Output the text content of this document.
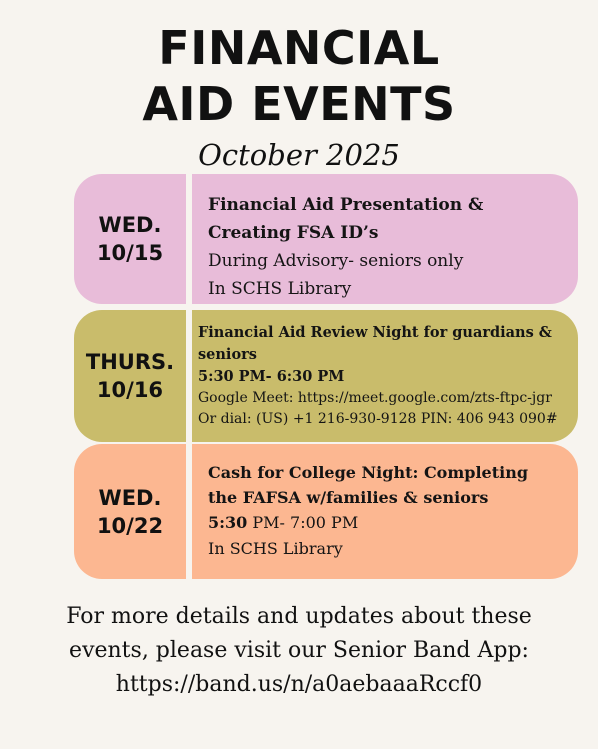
FINANCIAL
AID EVENTS
October 2025
WED.
10/15
Financial Aid Presentation &
Creating FSA ID’s
During Advisory- seniors only
In SCHS Library
THURS.
10/16
Financial Aid Review Night for guardians &
seniors
5:30 PM- 6:30 PM
Google Meet: https://meet.google.com/zts-ftpc-jgr
Or dial: (US) +1 216-930-9128 PIN: 406 943 090#
WED.
10/22
Cash for College Night: Completing
the FAFSA w/families & seniors
5:30 PM- 7:00 PM
In SCHS Library
For more details and updates about these
events, please visit our Senior Band App:
https://band.us/n/a0aebaaaRccf0
